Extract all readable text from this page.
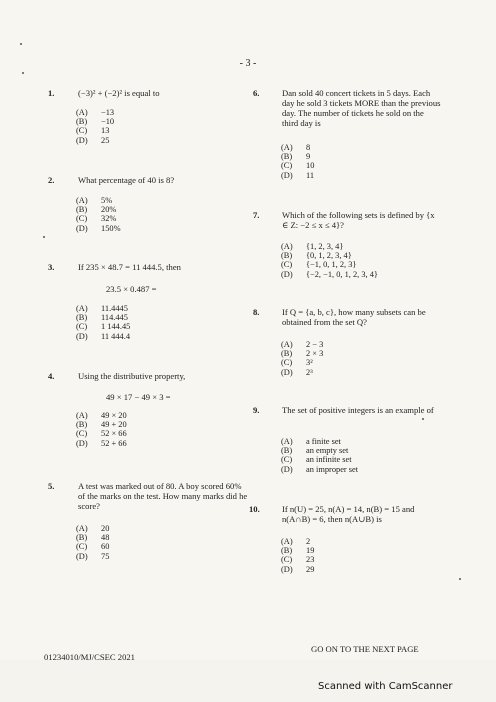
- 3 -
1.	(−3)² + (−2)² is equal to
(A)	−13
(B)	−10
(C)	13
(D)	25
2.	What percentage of 40 is 8?
(A)	5%
(B)	20%
(C)	32%
(D)	150%
3.	If 235 × 48.7 = 11 444.5, then
23.5 × 0.487 =
(A)	11.4445
(B)	114.445
(C)	1 144.45
(D)	11 444.4
4.	Using the distributive property,
49 × 17 − 49 × 3 =
(A)	49 × 20
(B)	49 + 20
(C)	52 × 66
(D)	52 + 66
5.	A test was marked out of 80. A boy scored 60% of the marks on the test. How many marks did he score?
(A)	20
(B)	48
(C)	60
(D)	75
6.	Dan sold 40 concert tickets in 5 days. Each day he sold 3 tickets MORE than the previous day. The number of tickets he sold on the third day is
(A)	8
(B)	9
(C)	10
(D)	11
7.	Which of the following sets is defined by {x ∈ Z: −2 ≤ x ≤ 4}?
(A)	{1, 2, 3, 4}
(B)	{0, 1, 2, 3, 4}
(C)	{−1, 0, 1, 2, 3}
(D)	{−2, −1, 0, 1, 2, 3, 4}
8.	If Q = {a, b, c}, how many subsets can be obtained from the set Q?
(A)	2 − 3
(B)	2 × 3
(C)	3²
(D)	2³
9.	The set of positive integers is an example of
(A)	a finite set
(B)	an empty set
(C)	an infinite set
(D)	an improper set
10.	If n(U) = 25, n(A) = 14, n(B) = 15 and n(A∩B) = 6, then n(A∪B) is
(A)	2
(B)	19
(C)	23
(D)	29
GO ON TO THE NEXT PAGE
01234010/MJ/CSEC 2021
Scanned with CamScanner
